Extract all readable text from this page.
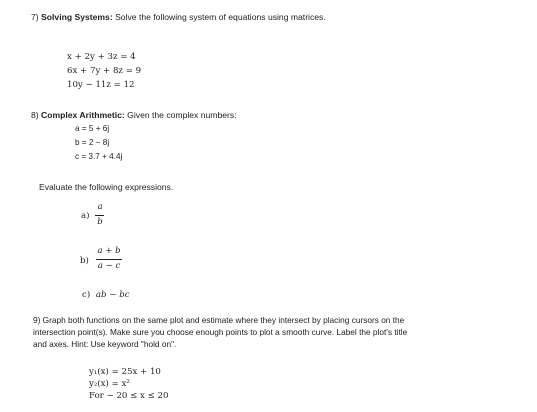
7) Solving Systems: Solve the following system of equations using matrices.
x + 2y + 3z = 4
6x + 7y + 8z = 9
10y − 11z = 12
8) Complex Arithmetic: Given the complex numbers:
a = 5 + 6j
b = 2 − 8j
c = 3.7 + 4.4j
Evaluate the following expressions.
a)
a
b
b)
a + b
a − c
c) ab − bc
9) Graph both functions on the same plot and estimate where they intersect by placing cursors on the
intersection point(s). Make sure you choose enough points to plot a smooth curve. Label the plot's title
and axes. Hint: Use keyword "hold on".
y₁(x) = 25x + 10
y₂(x) = x²
For − 20 ≤ x ≤ 20
